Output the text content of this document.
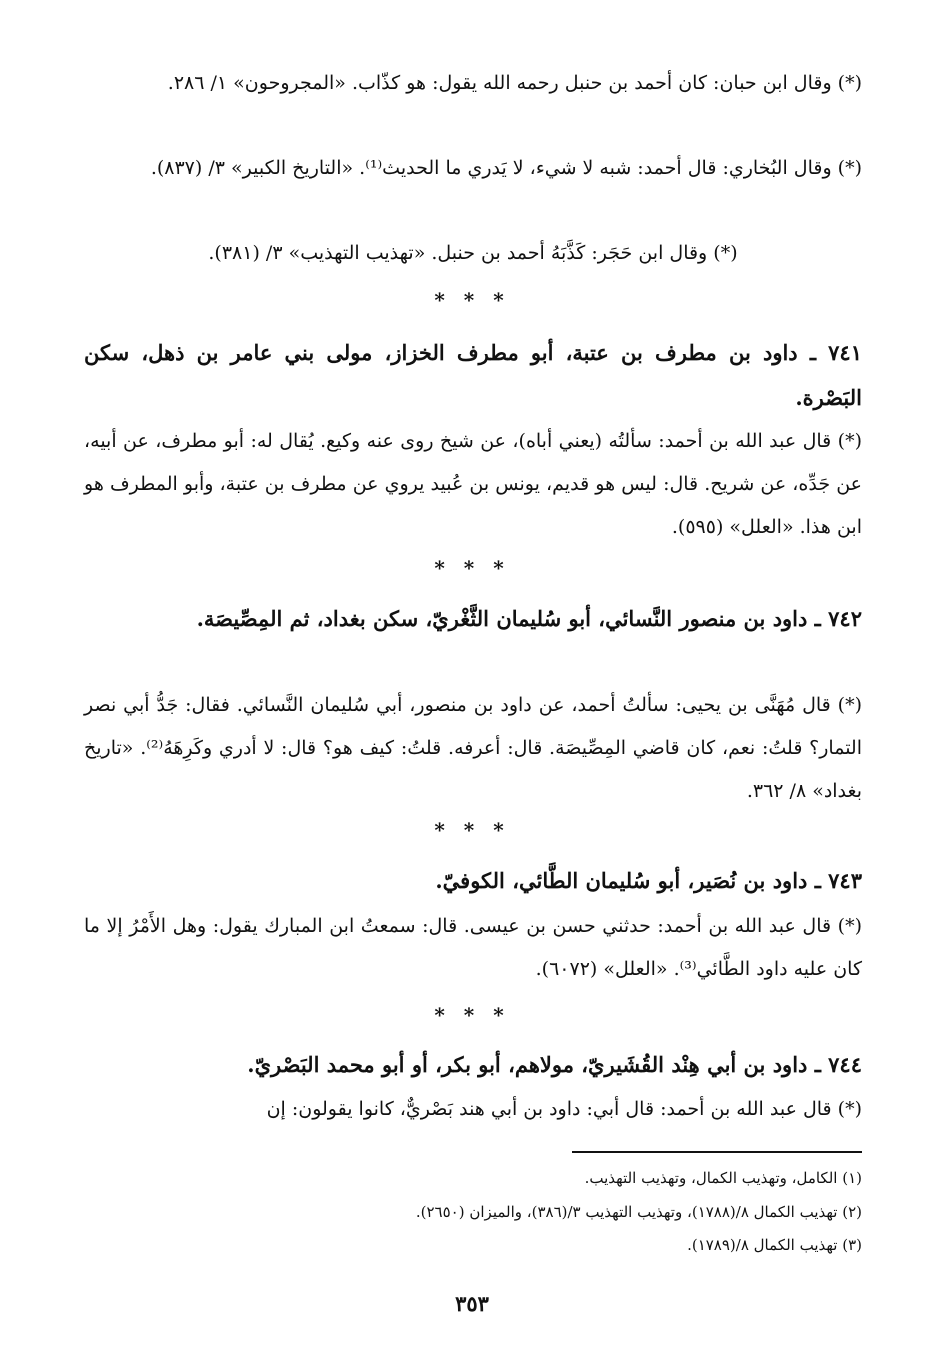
(*) وقال ابن حبان: كان أحمد بن حنبل رحمه الله يقول: هو كذّاب. «المجروحون» ١/ ٢٨٦.

(*) وقال البُخاري: قال أحمد: شبه لا شيء، لا يَدري ما الحديث⁽¹⁾. «التاريخ الكبير» ٣/ (٨٣٧).

(*) وقال ابن حَجَر: كَذَّبَهُ أحمد بن حنبل. «تهذيب التهذيب» ٣/ (٣٨١).

* * *

٧٤١ ـ داود بن مطرف بن عتبة، أبو مطرف الخزاز، مولى بني عامر بن ذهل، سكن البَصْرة.

(*) قال عبد الله بن أحمد: سألتُه (يعني أباه)، عن شيخ روى عنه وكيع. يُقال له: أبو مطرف، عن أبيه، عن جَدِّه، عن شريح. قال: ليس هو قديم، يونس بن عُبيد يروي عن مطرف بن عتبة، وأبو المطرف هو ابن هذا. «العلل» (٥٩٥).

* * *

٧٤٢ ـ داود بن منصور النَّسائي، أبو سُليمان الثَّغْريّ، سكن بغداد، ثم المِصِّيصَة.

(*) قال مُهَنَّى بن يحيى: سألتُ أحمد، عن داود بن منصور، أبي سُليمان النَّسائي. فقال: جَدُّ أبي نصر التمار؟ قلتُ: نعم، كان قاضي المِصِّيصَة. قال: أعرفه. قلتُ: كيف هو؟ قال: لا أدري وكَرِهَهُ⁽²⁾. «تاريخ بغداد» ٨/ ٣٦٢.

* * *

٧٤٣ ـ داود بن نُصَير، أبو سُليمان الطَّائي، الكوفيّ.

(*) قال عبد الله بن أحمد: حدثني حسن بن عيسى. قال: سمعتُ ابن المبارك يقول: وهل الأَمْرُ إلا ما كان عليه داود الطَّائي⁽³⁾. «العلل» (٦٠٧٢).

* * *

٧٤٤ ـ داود بن أبي هِنْد القُشَيريّ، مولاهم، أبو بكر، أو أبو محمد البَصْريّ.

(*) قال عبد الله بن أحمد: قال أبي: داود بن أبي هند بَصْريٌّ، كانوا يقولون: إن

(١) الكامل، وتهذيب الكمال، وتهذيب التهذيب.

(٢) تهذيب الكمال ٨/(١٧٨٨)، وتهذيب التهذيب ٣/(٣٨٦)، والميزان (٢٦٥٠).

(٣) تهذيب الكمال ٨/(١٧٨٩).

٣٥٣
